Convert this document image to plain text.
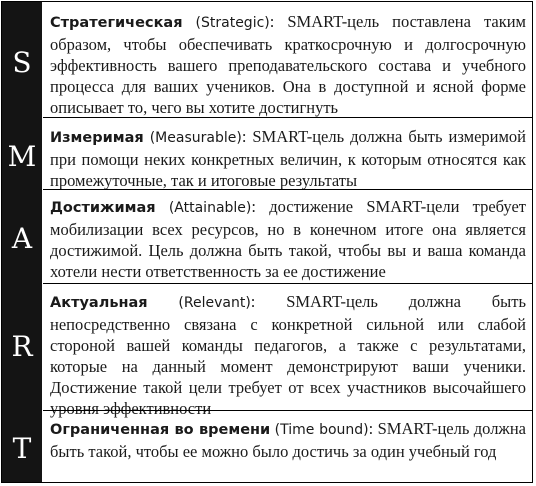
S
M
A
R
T
Стратегическая (Strategic): SMART-цель поставлена таким образом, чтобы обеспечивать краткосрочную и долгосрочную эффективность вашего преподавательского состава и учебного процесса для ваших учеников. Она в доступной и ясной форме описывает то, чего вы хотите достигнуть
Измеримая (Measurable): SMART-цель должна быть измеримой при помощи неких конкретных величин, к которым относятся как промежуточные, так и итоговые результаты
Достижимая (Attainable): достижение SMART-цели требует мобилизации всех ресурсов, но в конечном итоге она является достижимой. Цель должна быть такой, чтобы вы и ваша команда хотели нести ответственность за ее достижение
Актуальная (Relevant): SMART-цель должна быть непосредственно связана с конкретной сильной или слабой стороной вашей команды педагогов, а также с результатами, которые на данный момент демонстрируют ваши ученики. Достижение такой цели требует от всех участников высочайшего уровня эффективности
Ограниченная во времени (Time bound): SMART-цель должна быть такой, чтобы ее можно было достичь за один учебный год
